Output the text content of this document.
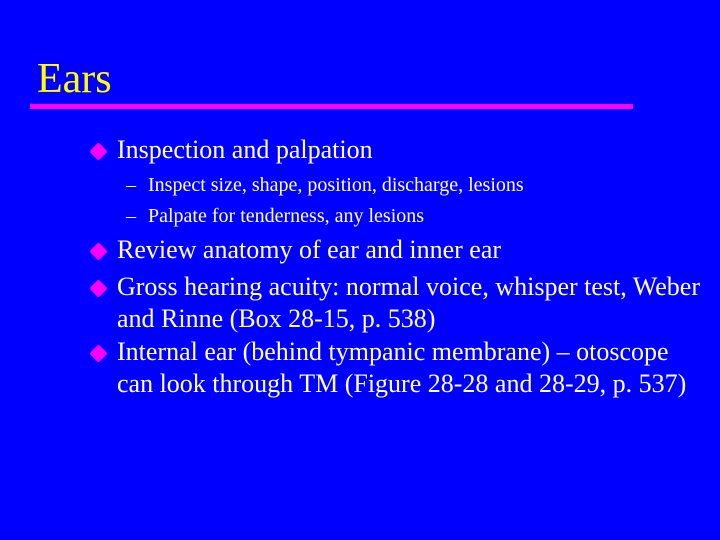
Ears
Inspection and palpation
– Inspect size, shape, position, discharge, lesions
– Palpate for tenderness, any lesions
Review anatomy of ear and inner ear
Gross hearing acuity: normal voice, whisper test, Weber and Rinne (Box 28-15, p. 538)
Internal ear (behind tympanic membrane) – otoscope can look through TM (Figure 28-28 and 28-29, p. 537)
